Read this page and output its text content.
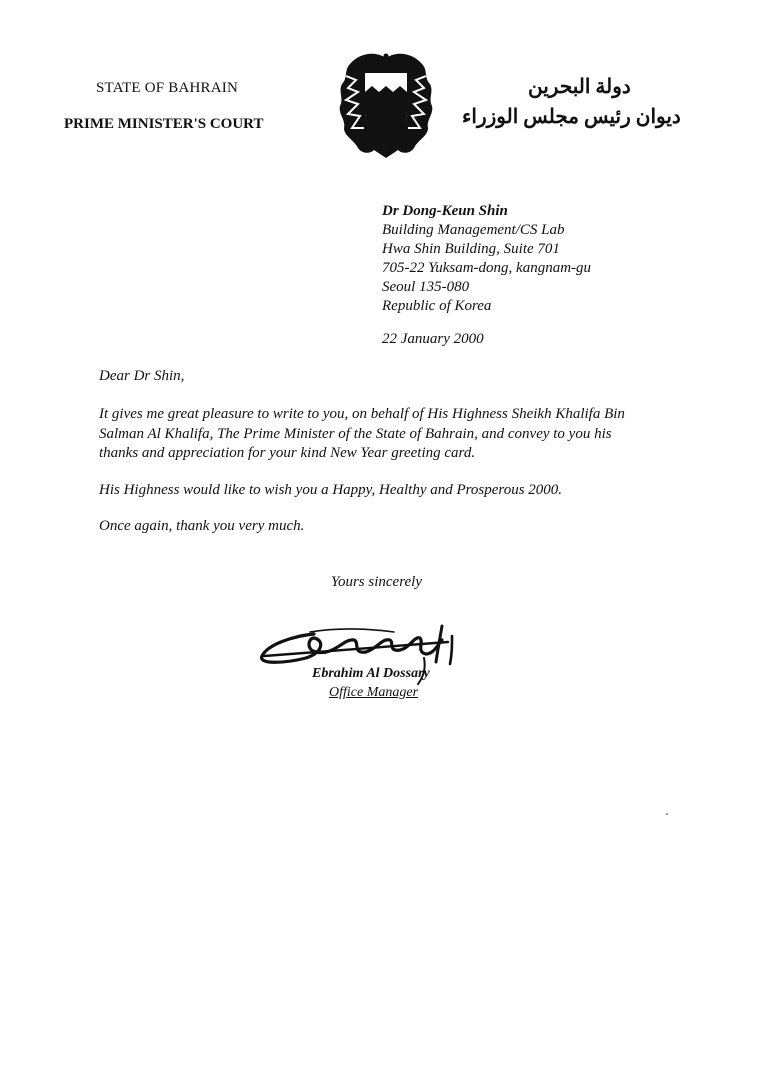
STATE OF BAHRAIN
PRIME MINISTER'S COURT
دولة البحرين
ديوان رئيس مجلس الوزراء
Dr Dong-Keun Shin
Building Management/CS Lab
Hwa Shin Building, Suite 701
705-22 Yuksam-dong, kangnam-gu
Seoul 135-080
Republic of Korea
22 January 2000
Dear Dr Shin,
It gives me great pleasure to write to you, on behalf of His Highness Sheikh Khalifa Bin
Salman Al Khalifa, The Prime Minister of the State of Bahrain, and convey to you his
thanks and appreciation for your kind New Year greeting card.
His Highness would like to wish you a Happy, Healthy and Prosperous 2000.
Once again, thank you very much.
Yours sincerely
Ebrahim Al Dossary
Office Manager
